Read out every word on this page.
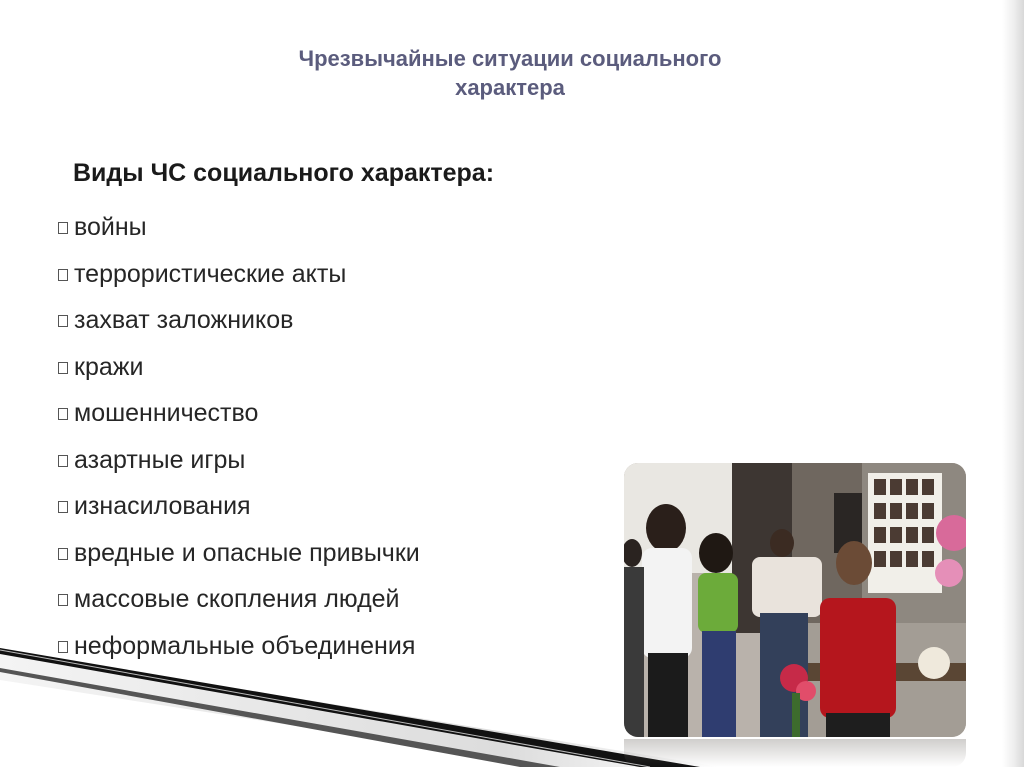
Чрезвычайные ситуации социального
характера
Виды ЧС социального характера:
войны
террористические акты
захват заложников
кражи
мошенничество
азартные игры
изнасилования
вредные и опасные привычки
массовые скопления людей
неформальные объединения
